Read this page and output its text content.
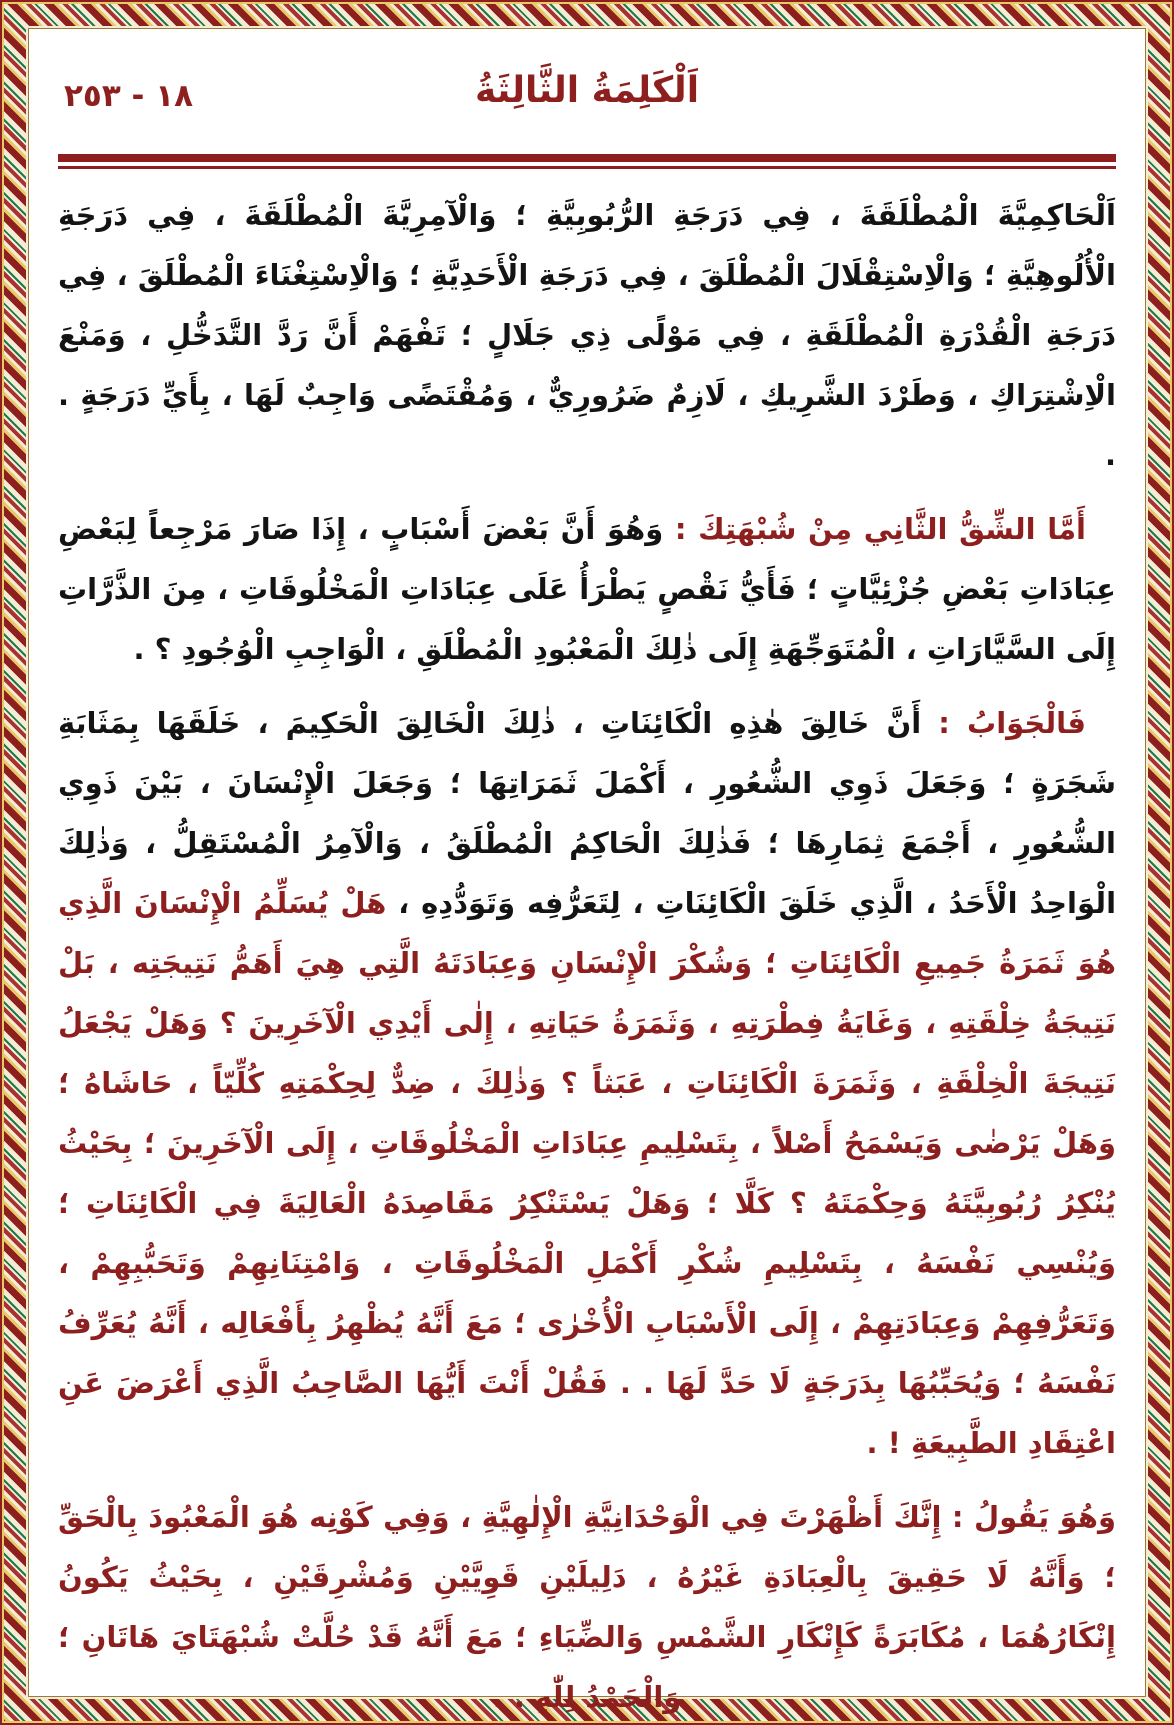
١٨ - ٢٥٣	اَلْكَلِمَةُ الثَّالِثَةُ

اَلْحَاكِمِيَّةَ الْمُطْلَقَةَ ، فِي دَرَجَةِ الرُّبُوبِيَّةِ ؛ وَالْآمِرِيَّةَ الْمُطْلَقَةَ ، فِي دَرَجَةِ الْأُلُوهِيَّةِ ؛ وَالْاِسْتِقْلَالَ الْمُطْلَقَ ، فِي دَرَجَةِ الْأَحَدِيَّةِ ؛ وَالْاِسْتِغْنَاءَ الْمُطْلَقَ ، فِي دَرَجَةِ الْقُدْرَةِ الْمُطْلَقَةِ ، فِي مَوْلًى ذِي جَلَالٍ ؛ تَفْهَمْ أَنَّ رَدَّ التَّدَخُّلِ ، وَمَنْعَ الْاِشْتِرَاكِ ، وَطَرْدَ الشَّرِيكِ ، لَازِمٌ ضَرُورِيٌّ ، وَمُقْتَضًى وَاجِبٌ لَهَا ، بِأَيِّ دَرَجَةٍ . .

أَمَّا الشِّقُّ الثَّانِي مِنْ شُبْهَتِكَ : وَهُوَ أَنَّ بَعْضَ أَسْبَابٍ ، إِذَا صَارَ مَرْجِعاً لِبَعْضِ عِبَادَاتِ بَعْضِ جُزْئِيَّاتٍ ؛ فَأَيُّ نَقْصٍ يَطْرَأُ عَلَى عِبَادَاتِ الْمَخْلُوقَاتِ ، مِنَ الذَّرَّاتِ إِلَى السَّيَّارَاتِ ، الْمُتَوَجِّهَةِ إِلَى ذٰلِكَ الْمَعْبُودِ الْمُطْلَقِ ، الْوَاجِبِ الْوُجُودِ ؟ .

فَالْجَوَابُ : أَنَّ خَالِقَ هٰذِهِ الْكَائِنَاتِ ، ذٰلِكَ الْخَالِقَ الْحَكِيمَ ، خَلَقَهَا بِمَثَابَةِ شَجَرَةٍ ؛ وَجَعَلَ ذَوِي الشُّعُورِ ، أَكْمَلَ ثَمَرَاتِهَا ؛ وَجَعَلَ الْإِنْسَانَ ، بَيْنَ ذَوِي الشُّعُورِ ، أَجْمَعَ ثِمَارِهَا ؛ فَذٰلِكَ الْحَاكِمُ الْمُطْلَقُ ، وَالْآمِرُ الْمُسْتَقِلُّ ، وَذٰلِكَ الْوَاحِدُ الْأَحَدُ ، الَّذِي خَلَقَ الْكَائِنَاتِ ، لِتَعَرُّفِه وَتَوَدُّدِهِ ، هَلْ يُسَلِّمُ الْإِنْسَانَ الَّذِي هُوَ ثَمَرَةُ جَمِيعِ الْكَائِنَاتِ ؛ وَشُكْرَ الْإِنْسَانِ وَعِبَادَتَهُ الَّتِي هِيَ أَهَمُّ نَتِيجَتِه ، بَلْ نَتِيجَةُ خِلْقَتِهِ ، وَغَايَةُ فِطْرَتِهِ ، وَثَمَرَةُ حَيَاتِهِ ، إِلٰى أَيْدِي الْآخَرِينَ ؟ وَهَلْ يَجْعَلُ نَتِيجَةَ الْخِلْقَةِ ، وَثَمَرَةَ الْكَائِنَاتِ ، عَبَثاً ؟ وَذٰلِكَ ، ضِدٌّ لِحِكْمَتِهِ كُلِّيّاً ، حَاشَاهُ ؛ وَهَلْ يَرْضٰى وَيَسْمَحُ أَصْلاً ، بِتَسْلِيمِ عِبَادَاتِ الْمَخْلُوقَاتِ ، إِلَى الْآخَرِينَ ؛ بِحَيْثُ يُنْكِرُ رُبُوبِيَّتَهُ وَحِكْمَتَهُ ؟ كَلَّا ؛ وَهَلْ يَسْتَنْكِرُ مَقَاصِدَهُ الْعَالِيَةَ فِي الْكَائِنَاتِ ؛ وَيُنْسِي نَفْسَهُ ، بِتَسْلِيمِ شُكْرِ أَكْمَلِ الْمَخْلُوقَاتِ ، وَامْتِنَانِهِمْ وَتَحَبُّبِهِمْ ، وَتَعَرُّفِهِمْ وَعِبَادَتِهِمْ ، إِلَى الْأَسْبَابِ الْأُخْرٰى ؛ مَعَ أَنَّهُ يُظْهِرُ بِأَفْعَالِه ، أَنَّهُ يُعَرِّفُ نَفْسَهُ ؛ وَيُحَبِّبُهَا بِدَرَجَةٍ لَا حَدَّ لَهَا . . فَقُلْ أَنْتَ أَيُّهَا الصَّاحِبُ الَّذِي أَعْرَضَ عَنِ اعْتِقَادِ الطَّبِيعَةِ ! .

وَهُوَ يَقُولُ : إِنَّكَ أَظْهَرْتَ فِي الْوَحْدَانِيَّةِ الْإِلٰهِيَّةِ ، وَفِي كَوْنِه هُوَ الْمَعْبُودَ بِالْحَقِّ ؛ وَأَنَّهُ لَا حَقِيقَ بِالْعِبَادَةِ غَيْرُهُ ، دَلِيلَيْنِ قَوِيَّيْنِ وَمُشْرِقَيْنِ ، بِحَيْثُ يَكُونُ إِنْكَارُهُمَا ، مُكَابَرَةً كَإِنْكَارِ الشَّمْسِ وَالضِّيَاءِ ؛ مَعَ أَنَّهُ قَدْ حُلَّتْ شُبْهَتَايَ هَاتَانِ ؛ وَالْحَمْدُ لِلّٰهِ . .
